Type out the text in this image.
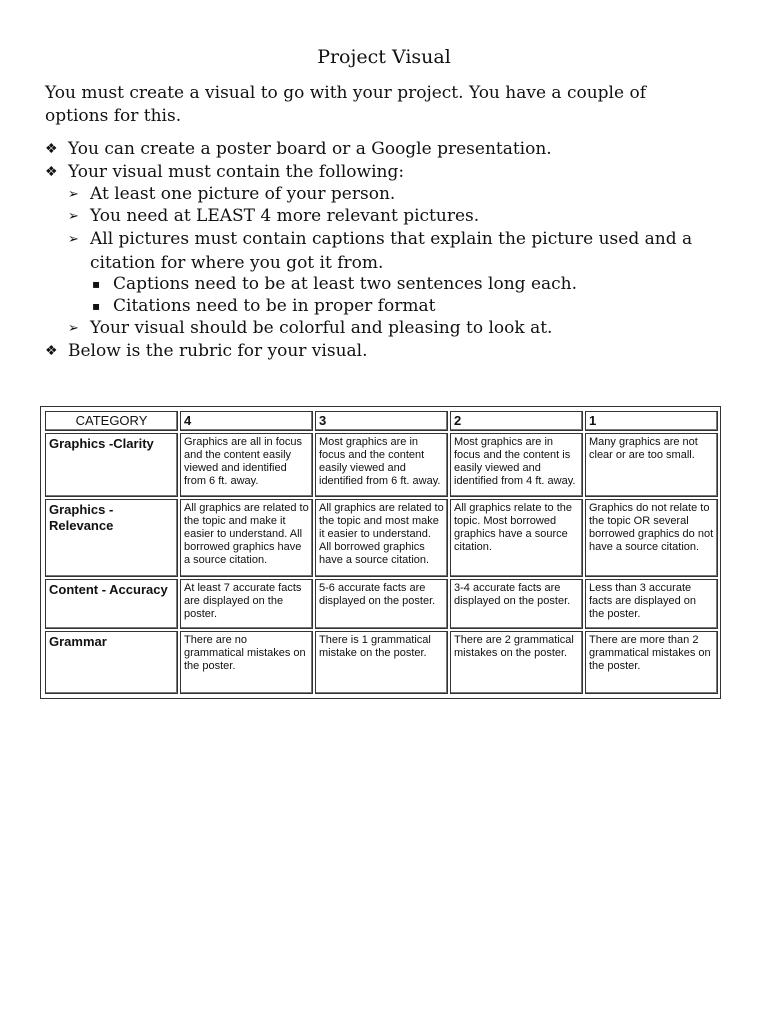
Project Visual
You must create a visual to go with your project. You have a couple of options for this.
❖ You can create a poster board or a Google presentation.
❖ Your visual must contain the following:
➢ At least one picture of your person.
➢ You need at LEAST 4 more relevant pictures.
➢ All pictures must contain captions that explain the picture used and a
citation for where you got it from.
▪ Captions need to be at least two sentences long each.
▪ Citations need to be in proper format
➢ Your visual should be colorful and pleasing to look at.
❖ Below is the rubric for your visual.
CATEGORY	4	3	2	1
Graphics -Clarity	Graphics are all in focus and the content easily viewed and identified from 6 ft. away.	Most graphics are in focus and the content easily viewed and identified from 6 ft. away.	Most graphics are in focus and the content is easily viewed and identified from 4 ft. away.	Many graphics are not clear or are too small.
Graphics - Relevance	All graphics are related to the topic and make it easier to understand. All borrowed graphics have a source citation.	All graphics are related to the topic and most make it easier to understand. All borrowed graphics have a source citation.	All graphics relate to the topic. Most borrowed graphics have a source citation.	Graphics do not relate to the topic OR several borrowed graphics do not have a source citation.
Content - Accuracy	At least 7 accurate facts are displayed on the poster.	5-6 accurate facts are displayed on the poster.	3-4 accurate facts are displayed on the poster.	Less than 3 accurate facts are displayed on the poster.
Grammar	There are no grammatical mistakes on the poster.	There is 1 grammatical mistake on the poster.	There are 2 grammatical mistakes on the poster.	There are more than 2 grammatical mistakes on the poster.
